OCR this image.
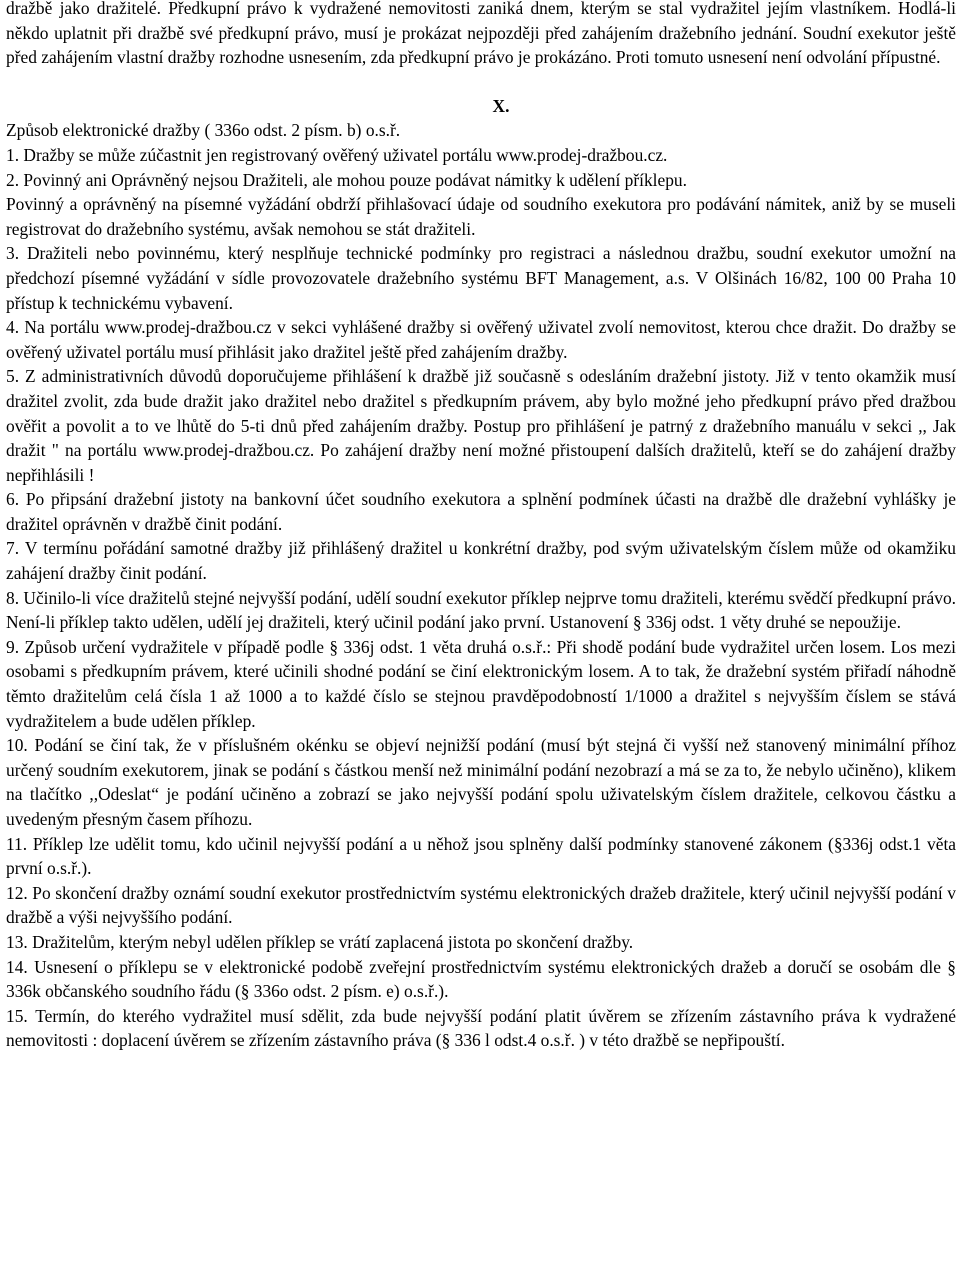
dražbě jako dražitelé. Předkupní právo k vydražené nemovitosti zaniká dnem, kterým se stal vydražitel jejím vlastníkem. Hodlá-li někdo uplatnit při dražbě své předkupní právo, musí je prokázat nejpozději před zahájením dražebního jednání. Soudní exekutor ještě před zahájením vlastní dražby rozhodne usnesením, zda předkupní právo je prokázáno. Proti tomuto usnesení není odvolání přípustné.

X.

Způsob elektronické dražby ( 336o odst. 2 písm. b) o.s.ř.

1. Dražby se může zúčastnit jen registrovaný ověřený uživatel portálu www.prodej-dražbou.cz.

2. Povinný ani Oprávněný nejsou Dražiteli, ale mohou pouze podávat námitky k udělení příklepu.

Povinný a oprávněný na písemné vyžádání obdrží přihlašovací údaje od soudního exekutora pro podávání námitek, aniž by se museli registrovat do dražebního systému, avšak nemohou se stát dražiteli.

3. Dražiteli nebo povinnému, který nesplňuje technické podmínky pro registraci a následnou dražbu, soudní exekutor umožní na předchozí písemné vyžádání v sídle provozovatele dražebního systému BFT Management, a.s. V Olšinách 16/82, 100 00 Praha 10 přístup k technickému vybavení.

4. Na portálu www.prodej-dražbou.cz v sekci vyhlášené dražby si ověřený uživatel zvolí nemovitost, kterou chce dražit. Do dražby se ověřený uživatel portálu musí přihlásit jako dražitel ještě před zahájením dražby.

5. Z administrativních důvodů doporučujeme přihlášení k dražbě již současně s odesláním dražební jistoty. Již v tento okamžik musí dražitel zvolit, zda bude dražit jako dražitel nebo dražitel s předkupním právem, aby bylo možné jeho předkupní právo před dražbou ověřit a povolit a to ve lhůtě do 5-ti dnů před zahájením dražby. Postup pro přihlášení je patrný z dražebního manuálu v sekci ,, Jak dražit " na portálu www.prodej-dražbou.cz. Po zahájení dražby není možné přistoupení dalších dražitelů, kteří se do zahájení dražby nepřihlásili !

6. Po připsání dražební jistoty na bankovní účet soudního exekutora a splnění podmínek účasti na dražbě dle dražební vyhlášky je dražitel oprávněn v dražbě činit podání.

7. V termínu pořádání samotné dražby již přihlášený dražitel u konkrétní dražby, pod svým uživatelským číslem může od okamžiku zahájení dražby činit podání.

8. Učinilo-li více dražitelů stejné nejvyšší podání, udělí soudní exekutor příklep nejprve tomu dražiteli, kterému svědčí předkupní právo. Není-li příklep takto udělen, udělí jej dražiteli, který učinil podání jako první. Ustanovení § 336j odst. 1 věty druhé se nepoužije.

9. Způsob určení vydražitele v případě podle § 336j odst. 1 věta druhá o.s.ř.: Při shodě podání bude vydražitel určen losem. Los mezi osobami s předkupním právem, které učinili shodné podání se činí elektronickým losem. A to tak, že dražební systém přiřadí náhodně těmto dražitelům celá čísla 1 až 1000 a to každé číslo se stejnou pravděpodobností 1/1000 a dražitel s nejvyšším číslem se stává vydražitelem a bude udělen příklep.

10. Podání se činí tak, že v příslušném okénku se objeví nejnižší podání (musí být stejná či vyšší než stanovený minimální příhoz určený soudním exekutorem, jinak se podání s částkou menší než minimální podání nezobrazí a má se za to, že nebylo učiněno), klikem na tlačítko ,,Odeslat“ je podání učiněno a zobrazí se jako nejvyšší podání spolu uživatelským číslem dražitele, celkovou částku a uvedeným přesným časem příhozu.

11. Příklep lze udělit tomu, kdo učinil nejvyšší podání a u něhož jsou splněny další podmínky stanovené zákonem (§336j odst.1 věta první o.s.ř.).

12. Po skončení dražby oznámí soudní exekutor prostřednictvím systému elektronických dražeb dražitele, který učinil nejvyšší podání v dražbě a výši nejvyššího podání.

13. Dražitelům, kterým nebyl udělen příklep se vrátí zaplacená jistota po skončení dražby.

14. Usnesení o příklepu se v elektronické podobě zveřejní prostřednictvím systému elektronických dražeb a doručí se osobám dle § 336k občanského soudního řádu (§ 336o odst. 2 písm. e) o.s.ř.).

15. Termín, do kterého vydražitel musí sdělit, zda bude nejvyšší podání platit úvěrem se zřízením zástavního práva k vydražené nemovitosti : doplacení úvěrem se zřízením zástavního práva (§ 336 l odst.4 o.s.ř. ) v této dražbě se nepřipouští.
